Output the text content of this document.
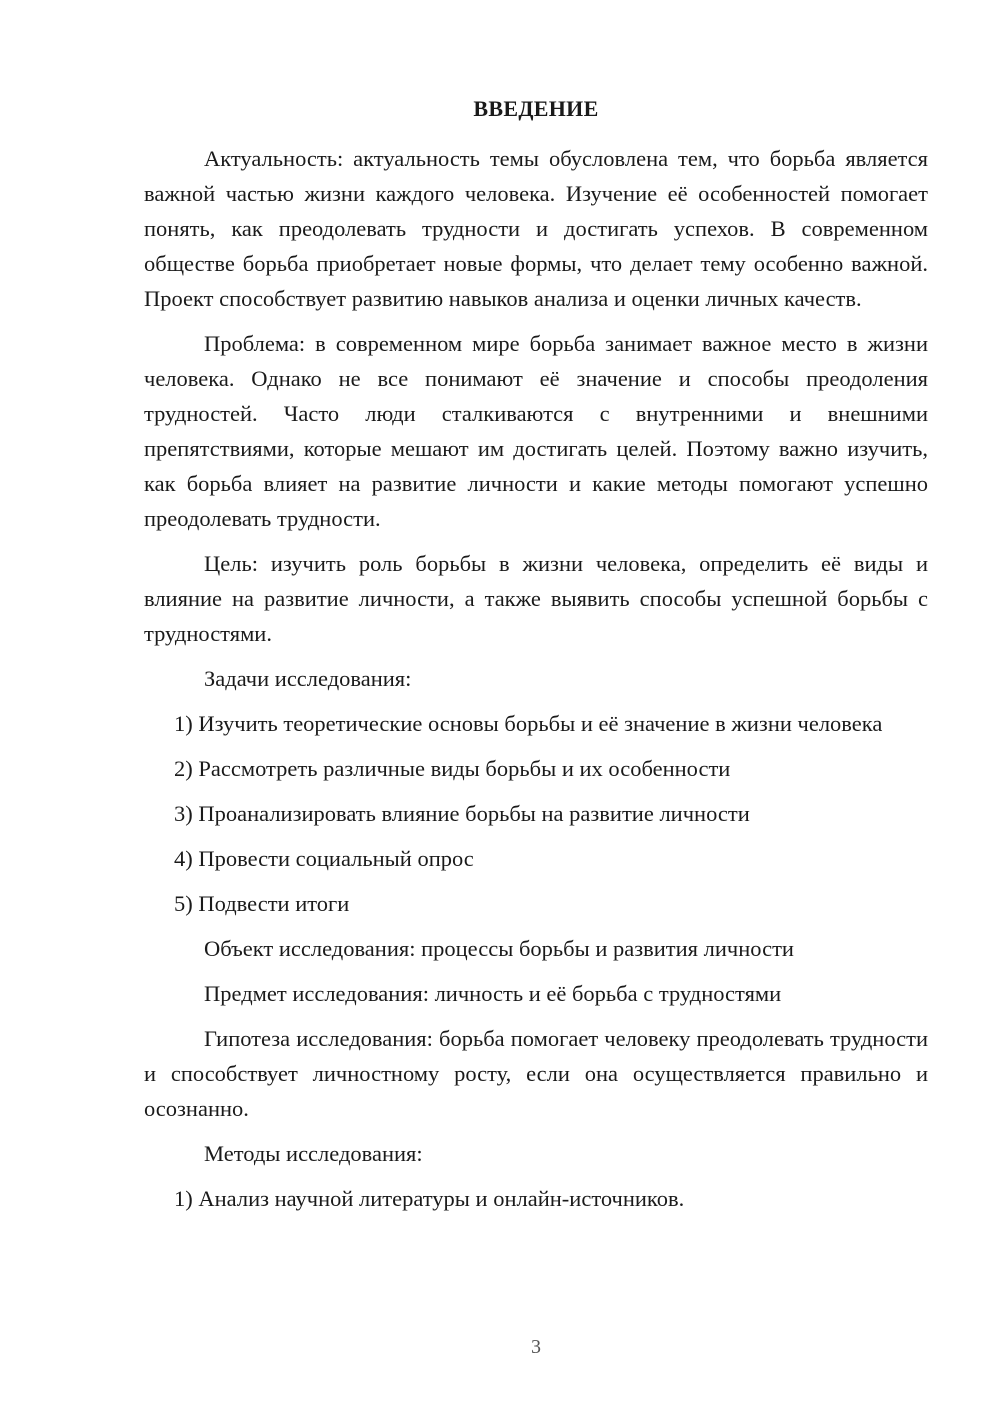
ВВЕДЕНИЕ

Актуальность: актуальность темы обусловлена тем, что борьба является важной частью жизни каждого человека. Изучение её особенностей помогает понять, как преодолевать трудности и достигать успехов. В современном обществе борьба приобретает новые формы, что делает тему особенно важной. Проект способствует развитию навыков анализа и оценки личных качеств.

Проблема: в современном мире борьба занимает важное место в жизни человека. Однако не все понимают её значение и способы преодоления трудностей. Часто люди сталкиваются с внутренними и внешними препятствиями, которые мешают им достигать целей. Поэтому важно изучить, как борьба влияет на развитие личности и какие методы помогают успешно преодолевать трудности.

Цель: изучить роль борьбы в жизни человека, определить её виды и влияние на развитие личности, а также выявить способы успешной борьбы с трудностями.

Задачи исследования:

1) Изучить теоретические основы борьбы и её значение в жизни человека

2) Рассмотреть различные виды борьбы и их особенности

3) Проанализировать влияние борьбы на развитие личности

4) Провести социальный опрос

5) Подвести итоги

Объект исследования: процессы борьбы и развития личности

Предмет исследования: личность и её борьба с трудностями

Гипотеза исследования: борьба помогает человеку преодолевать трудности и способствует личностному росту, если она осуществляется правильно и осознанно.

Методы исследования:

1) Анализ научной литературы и онлайн-источников.

3
